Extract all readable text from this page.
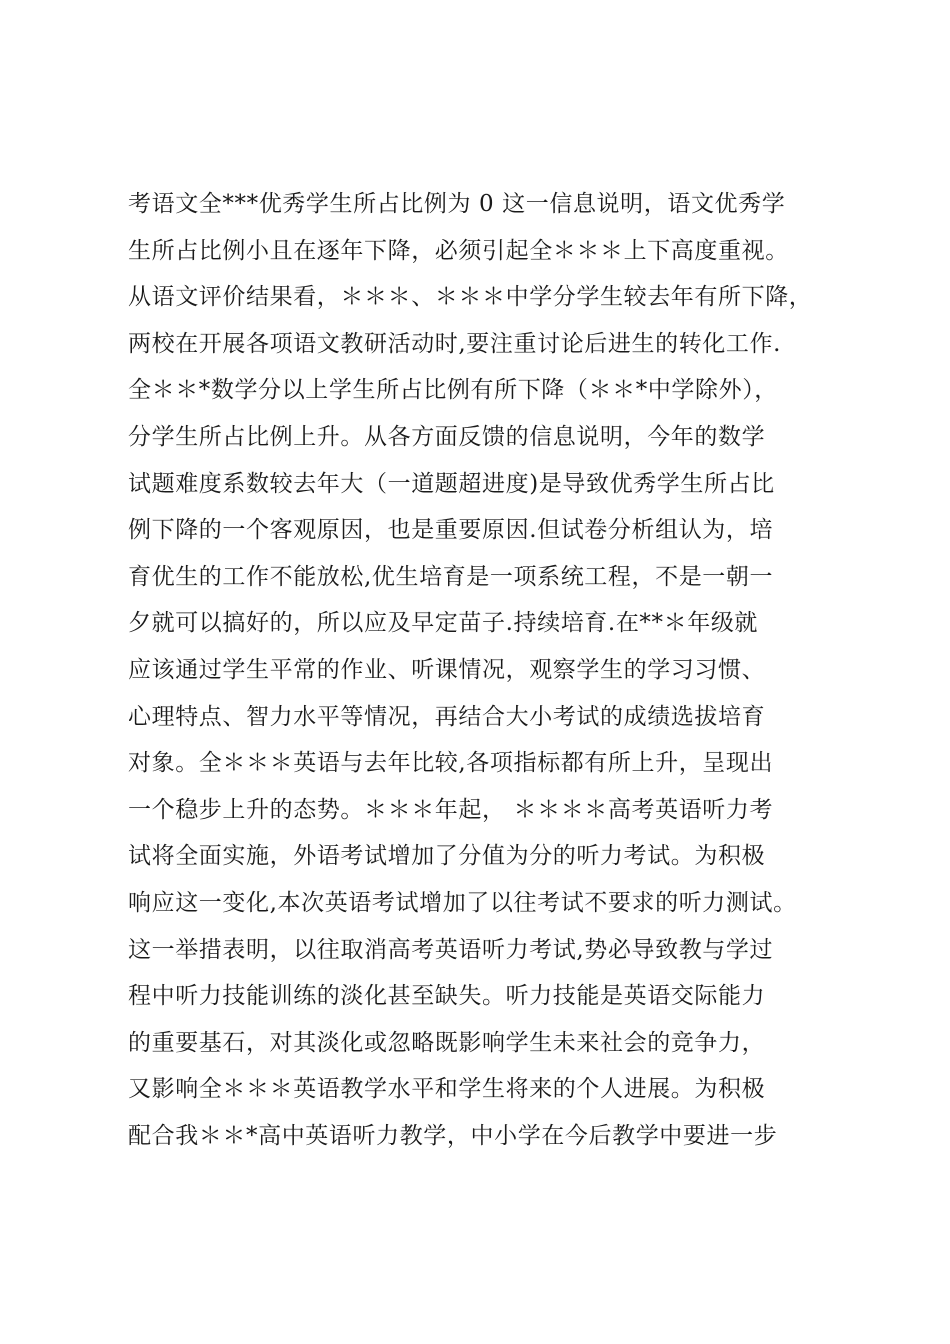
考语文全***优秀学生所占比例为 0 这一信息说明，语文优秀学
生所占比例小且在逐年下降，必须引起全＊＊＊上下高度重视。
从语文评价结果看，＊＊＊、＊＊＊中学分学生较去年有所下降，
两校在开展各项语文教研活动时,要注重讨论后进生的转化工作.
全＊＊*数学分以上学生所占比例有所下降（＊＊*中学除外），
分学生所占比例上升。从各方面反馈的信息说明，今年的数学
试题难度系数较去年大（一道题超进度)是导致优秀学生所占比
例下降的一个客观原因，也是重要原因.但试卷分析组认为，培
育优生的工作不能放松,优生培育是一项系统工程，不是一朝一
夕就可以搞好的，所以应及早定苗子.持续培育.在**＊年级就
应该通过学生平常的作业、听课情况，观察学生的学习习惯、
心理特点、智力水平等情况，再结合大小考试的成绩选拔培育
对象。全＊＊＊英语与去年比较,各项指标都有所上升，呈现出
一个稳步上升的态势。＊＊＊年起， ＊＊＊＊高考英语听力考
试将全面实施，外语考试增加了分值为分的听力考试。为积极
响应这一变化,本次英语考试增加了以往考试不要求的听力测试。
这一举措表明，以往取消高考英语听力考试,势必导致教与学过
程中听力技能训练的淡化甚至缺失。听力技能是英语交际能力
的重要基石，对其淡化或忽略既影响学生未来社会的竞争力，
又影响全＊＊＊英语教学水平和学生将来的个人进展。为积极
配合我＊＊*高中英语听力教学，中小学在今后教学中要进一步
